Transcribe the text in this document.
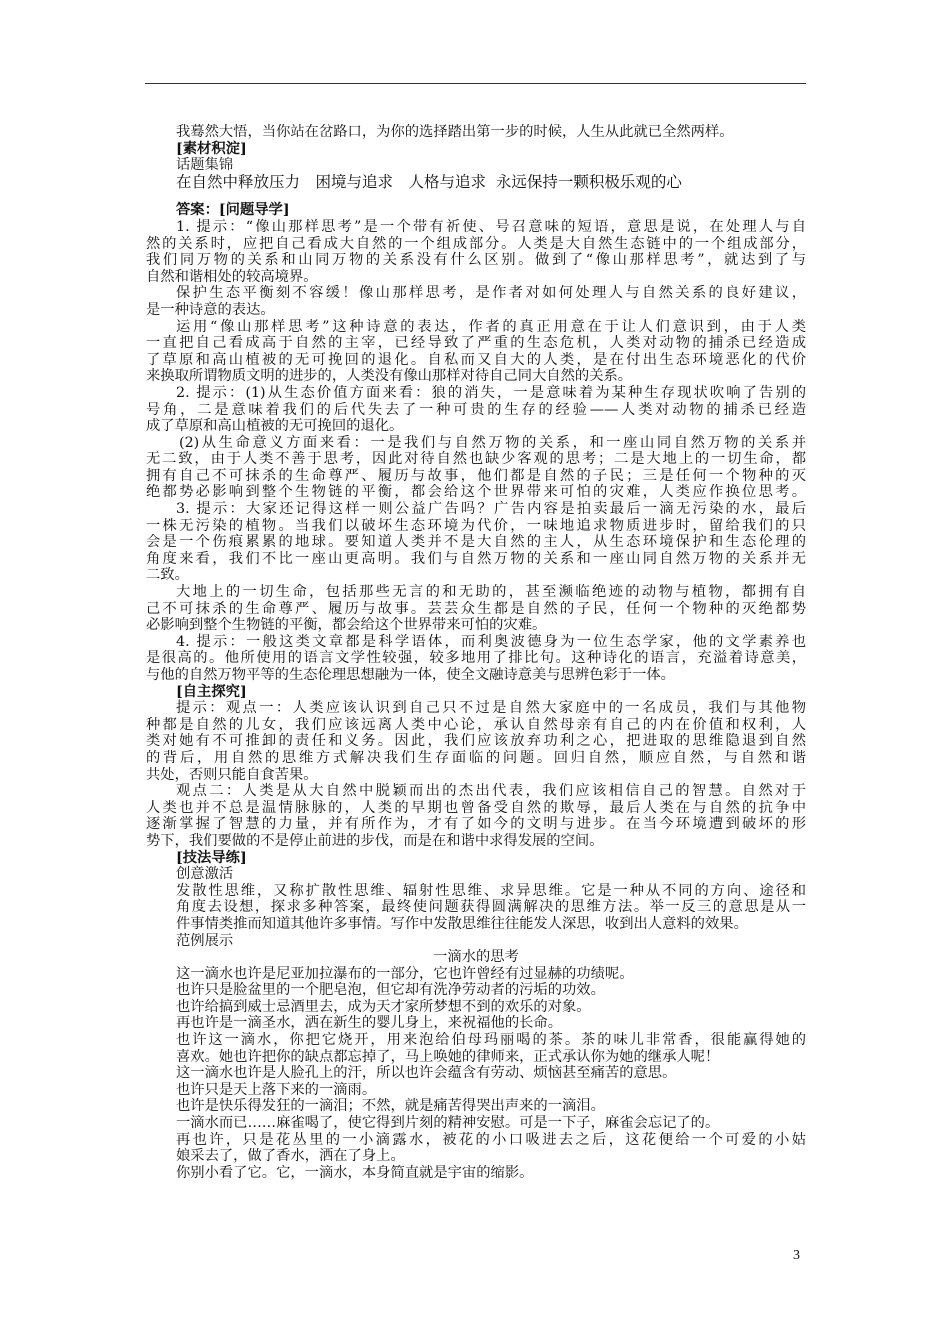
我蓦然大悟，当你站在岔路口，为你的选择踏出第一步的时候，人生从此就已全然两样。
[素材积淀]
话题集锦
在自然中释放压力　困境与追求　人格与追求  永远保持一颗积极乐观的心
答案：[问题导学]
1. 提示：“像山那样思考”是一个带有祈使、号召意味的短语，意思是说，在处理人与自
然的关系时，应把自己看成大自然的一个组成部分。人类是大自然生态链中的一个组成部分，
我们同万物的关系和山同万物的关系没有什么区别。做到了“像山那样思考”，就达到了与
自然和谐相处的较高境界。
保护生态平衡刻不容缓！像山那样思考，是作者对如何处理人与自然关系的良好建议，
是一种诗意的表达。
运用“像山那样思考”这种诗意的表达，作者的真正用意在于让人们意识到，由于人类
一直把自己看成高于自然的主宰，已经导致了严重的生态危机，人类对动物的捕杀已经造成
了草原和高山植被的无可挽回的退化。自私而又自大的人类，是在付出生态环境恶化的代价
来换取所谓物质文明的进步的，人类没有像山那样对待自己同大自然的关系。
2. 提示：(1)从生态价值方面来看：狼的消失，一是意味着为某种生存现状吹响了告别的
号角，二是意味着我们的后代失去了一种可贵的生存的经验——人类对动物的捕杀已经造
成了草原和高山植被的无可挽回的退化。
(2)从生命意义方面来看：一是我们与自然万物的关系，和一座山同自然万物的关系并
无二致，由于人类不善于思考，因此对待自然也缺少客观的思考；二是大地上的一切生命，都
拥有自己不可抹杀的生命尊严、履历与故事，他们都是自然的子民；三是任何一个物种的灭
绝都势必影响到整个生物链的平衡，都会给这个世界带来可怕的灾难，人类应作换位思考。
3. 提示：大家还记得这样一则公益广告吗？广告内容是拍卖最后一滴无污染的水，最后
一株无污染的植物。当我们以破坏生态环境为代价，一味地追求物质进步时，留给我们的只
会是一个伤痕累累的地球。要知道人类并不是大自然的主人，从生态环境保护和生态伦理的
角度来看，我们不比一座山更高明。我们与自然万物的关系和一座山同自然万物的关系并无
二致。
大地上的一切生命，包括那些无言的和无助的，甚至濒临绝迹的动物与植物，都拥有自
己不可抹杀的生命尊严、履历与故事。芸芸众生都是自然的子民，任何一个物种的灭绝都势
必影响到整个生物链的平衡，都会给这个世界带来可怕的灾难。
4. 提示：一般这类文章都是科学语体，而利奥波德身为一位生态学家，他的文学素养也
是很高的。他所使用的语言文学性较强，较多地用了排比句。这种诗化的语言，充溢着诗意美，
与他的自然万物平等的生态伦理思想融为一体，使全文融诗意美与思辨色彩于一体。
[自主探究]
提示：观点一：人类应该认识到自己只不过是自然大家庭中的一名成员，我们与其他物
种都是自然的儿女，我们应该远离人类中心论，承认自然母亲有自己的内在价值和权利，人
类对她有不可推卸的责任和义务。因此，我们应该放弃功利之心，把进取的思维隐退到自然
的背后，用自然的思维方式解决我们生存面临的问题。回归自然，顺应自然，与自然和谐
共处，否则只能自食苦果。
观点二：人类是从大自然中脱颖而出的杰出代表，我们应该相信自己的智慧。自然对于
人类也并不总是温情脉脉的，人类的早期也曾备受自然的欺辱，最后人类在与自然的抗争中
逐渐掌握了智慧的力量，并有所作为，才有了如今的文明与进步。在当今环境遭到破坏的形
势下，我们要做的不是停止前进的步伐，而是在和谐中求得发展的空间。
[技法导练]
创意激活
发散性思维，又称扩散性思维、辐射性思维、求异思维。它是一种从不同的方向、途径和
角度去设想，探求多种答案，最终使问题获得圆满解决的思维方法。举一反三的意思是从一
件事情类推而知道其他许多事情。写作中发散思维往往能发人深思，收到出人意料的效果。
范例展示
一滴水的思考
这一滴水也许是尼亚加拉瀑布的一部分，它也许曾经有过显赫的功绩呢。
也许只是脸盆里的一个肥皂泡，但它却有洗净劳动者的污垢的功效。
也许给搞到威士忌酒里去，成为天才家所梦想不到的欢乐的对象。
再也许是一滴圣水，洒在新生的婴儿身上，来祝福他的长命。
也许这一滴水，你把它烧开，用来泡给伯母玛丽喝的茶。茶的味儿非常香，很能赢得她的
喜欢。她也许把你的缺点都忘掉了，马上唤她的律师来，正式承认你为她的继承人呢！
这一滴水也许是人脸孔上的汗，所以也许会蕴含有劳动、烦恼甚至痛苦的意思。
也许只是天上落下来的一滴雨。
也许是快乐得发狂的一滴泪；不然，就是痛苦得哭出声来的一滴泪。
一滴水而已……麻雀喝了，使它得到片刻的精神安慰。可是一下子，麻雀会忘记了的。
再也许，只是花丛里的一小滴露水，被花的小口吸进去之后，这花便给一个可爱的小姑
娘采去了，做了香水，洒在了身上。
你别小看了它。它，一滴水，本身简直就是宇宙的缩影。
3
